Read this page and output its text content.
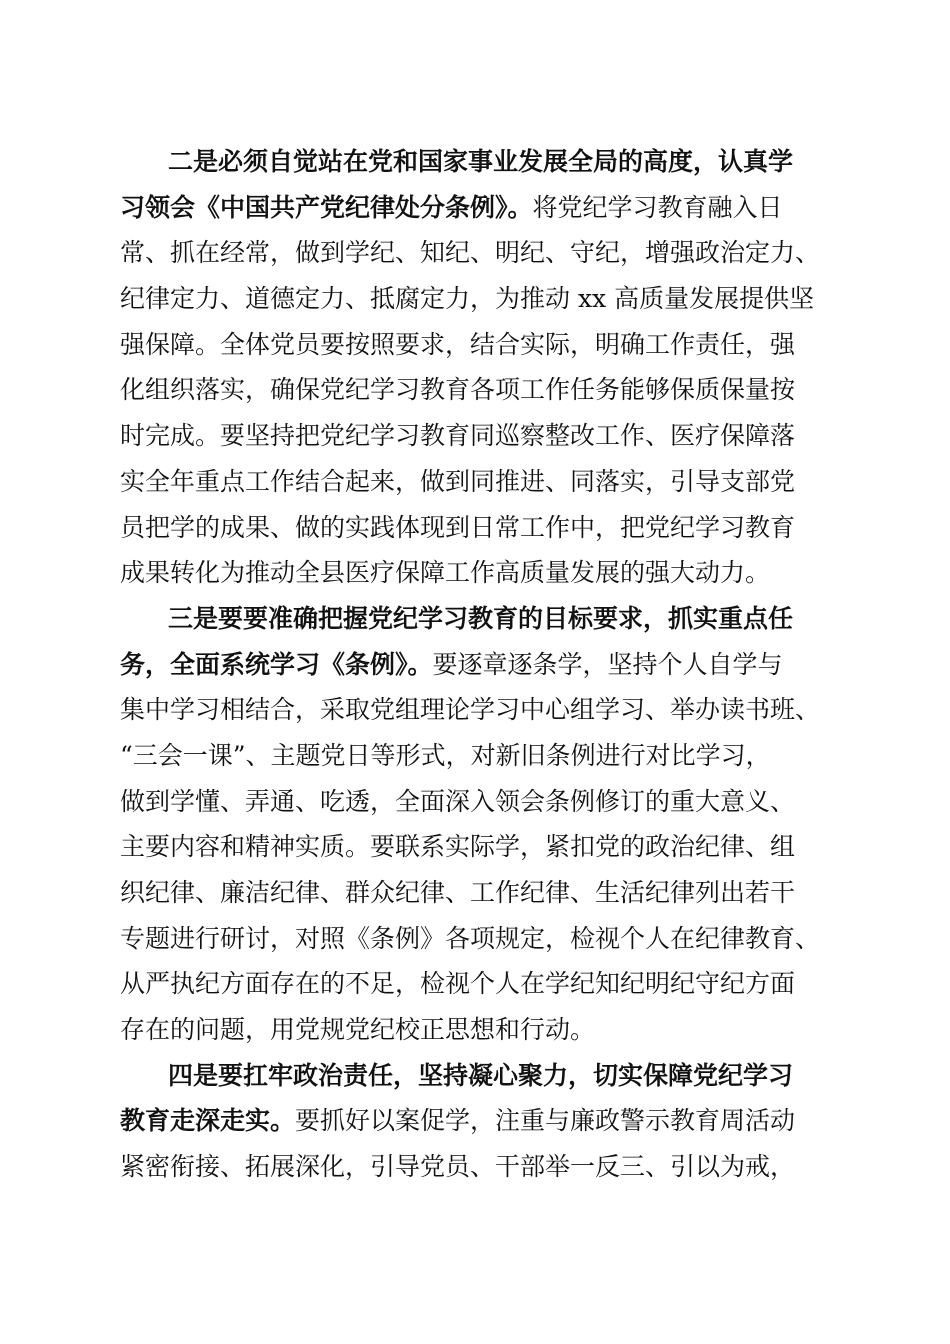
二是必须自觉站在党和国家事业发展全局的高度，认真学
习领会《中国共产党纪律处分条例》。将党纪学习教育融入日
常、抓在经常，做到学纪、知纪、明纪、守纪，增强政治定力、
纪律定力、道德定力、抵腐定力，为推动 xx 高质量发展提供坚
强保障。全体党员要按照要求，结合实际，明确工作责任，强
化组织落实，确保党纪学习教育各项工作任务能够保质保量按
时完成。要坚持把党纪学习教育同巡察整改工作、医疗保障落
实全年重点工作结合起来，做到同推进、同落实，引导支部党
员把学的成果、做的实践体现到日常工作中，把党纪学习教育
成果转化为推动全县医疗保障工作高质量发展的强大动力。
三是要要准确把握党纪学习教育的目标要求，抓实重点任
务，全面系统学习《条例》。要逐章逐条学，坚持个人自学与
集中学习相结合，采取党组理论学习中心组学习、举办读书班、
“三会一课”、主题党日等形式，对新旧条例进行对比学习，
做到学懂、弄通、吃透，全面深入领会条例修订的重大意义、
主要内容和精神实质。要联系实际学，紧扣党的政治纪律、组
织纪律、廉洁纪律、群众纪律、工作纪律、生活纪律列出若干
专题进行研讨，对照《条例》各项规定，检视个人在纪律教育、
从严执纪方面存在的不足，检视个人在学纪知纪明纪守纪方面
存在的问题，用党规党纪校正思想和行动。
四是要扛牢政治责任，坚持凝心聚力，切实保障党纪学习
教育走深走实。要抓好以案促学，注重与廉政警示教育周活动
紧密衔接、拓展深化，引导党员、干部举一反三、引以为戒，
